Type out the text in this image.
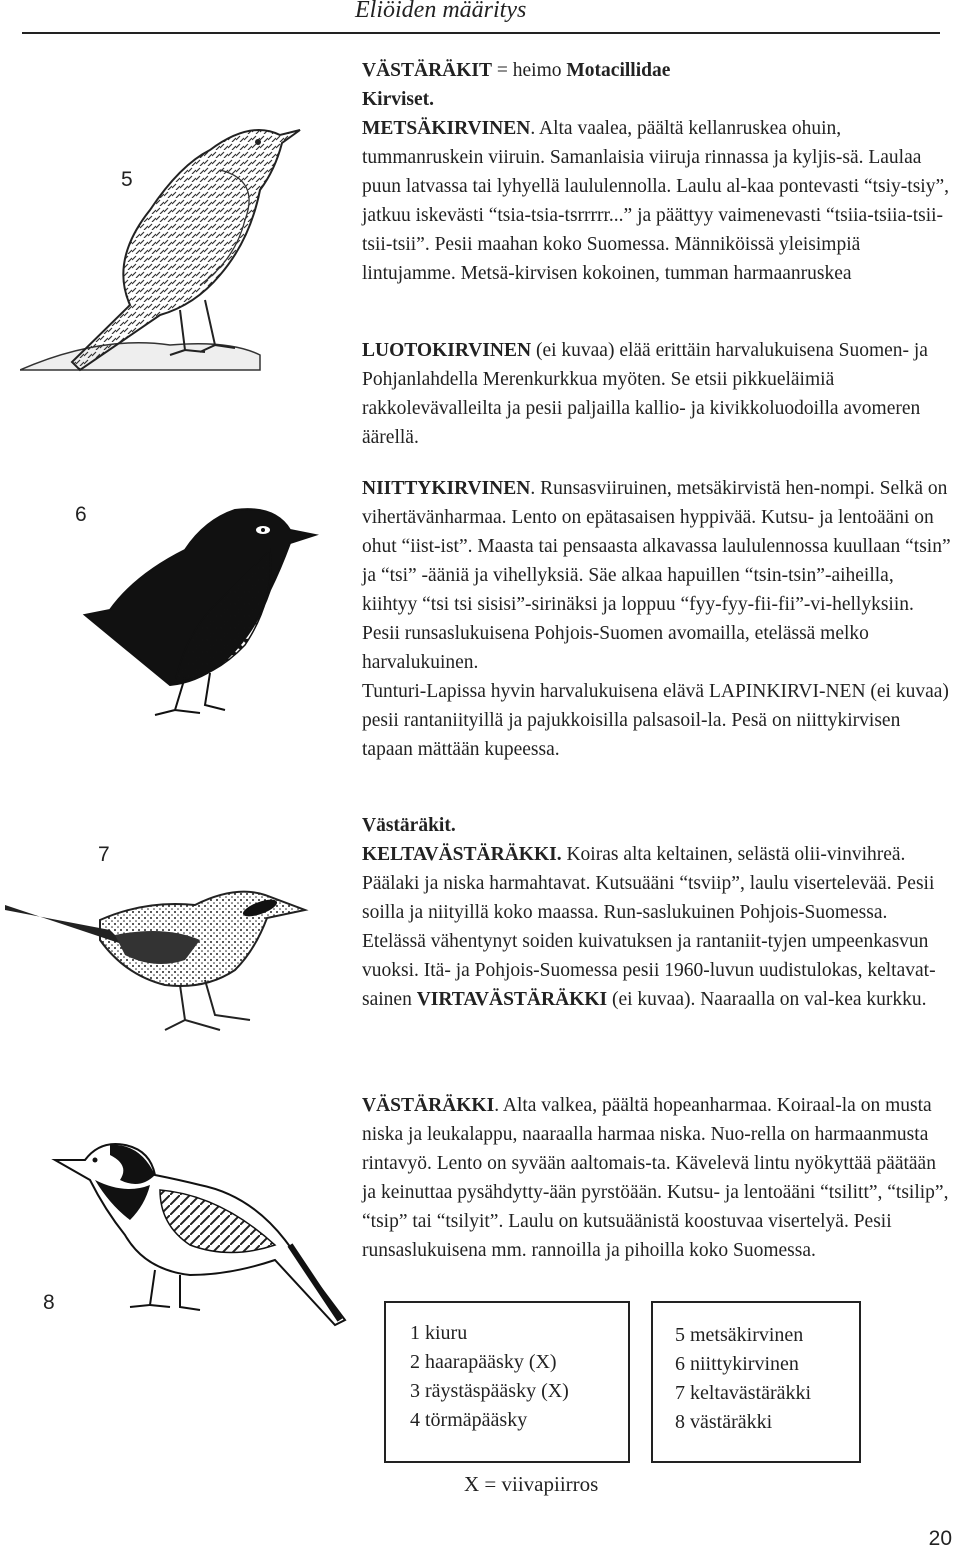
Eliöiden määritys
5
6
7
8

VÄSTÄRÄKIT = heimo Motacillidae

Kirviset.

METSÄKIRVINEN. Alta vaalea, päältä kellanruskea ohuin, tummanruskein viiruin. Samanlaisia viiruja rinnassa ja kyljis-sä. Laulaa puun latvassa tai lyhyellä laululennolla. Laulu al-kaa pontevasti “tsiy-tsiy”, jatkuu iskevästi “tsia-tsia-tsrrrrr...” ja päättyy vaimenevasti “tsiia-tsiia-tsii-tsii-tsii”. Pesii maahan koko Suomessa. Männiköissä yleisimpiä lintujamme. Metsä-kirvisen kokoinen, tumman harmaanruskea

LUOTOKIRVINEN (ei kuvaa) elää erittäin harvalukuisena Suomen- ja Pohjanlahdella Merenkurkkua myöten. Se etsii pikkueläimiä rakkolevävalleilta ja pesii paljailla kallio- ja kivikkoluodoilla avomeren äärellä.

NIITTYKIRVINEN. Runsasviiruinen, metsäkirvistä hen-nompi. Selkä on vihertävänharmaa. Lento on epätasaisen hyppivää. Kutsu- ja lentoääni on ohut “iist-ist”. Maasta tai pensaasta alkavassa laululennossa kuullaan “tsin” ja “tsi” -ääniä ja vihellyksiä. Säe alkaa hapuillen “tsin-tsin”-aiheilla, kiihtyy “tsi tsi sisisi”-sirinäksi ja loppuu “fyy-fyy-fii-fii”-vi-hellyksiin. Pesii runsaslukuisena Pohjois-Suomen avomailla, etelässä melko harvalukuinen.

Tunturi-Lapissa hyvin harvalukuisena elävä LAPINKIRVI-NEN (ei kuvaa) pesii rantaniityillä ja pajukkoisilla palsasoil-la. Pesä on niittykirvisen tapaan mättään kupeessa.

Västäräkit.

KELTAVÄSTÄRÄKKI. Koiras alta keltainen, selästä olii-vinvihreä. Päälaki ja niska harmahtavat. Kutsuääni “tsviip”, laulu visertelevää. Pesii soilla ja niityillä koko maassa. Run-saslukuinen Pohjois-Suomessa. Etelässä vähentynyt soiden kuivatuksen ja rantaniit-tyjen umpeenkasvun vuoksi. Itä- ja Pohjois-Suomessa pesii 1960-luvun uudistulokas, keltavat-sainen VIRTAVÄSTÄRÄKKI (ei kuvaa). Naaraalla on val-kea kurkku.

VÄSTÄRÄKKI. Alta valkea, päältä hopeanharmaa. Koiraal-la on musta niska ja leukalappu, naaraalla harmaa niska. Nuo-rella on harmaanmusta rintavyö. Lento on syvään aaltomais-ta. Kävelevä lintu nyökyttää päätään ja keinuttaa pysähdytty-ään pyrstöään. Kutsu- ja lentoääni “tsilitt”, “tsilip”, “tsip” tai “tsilyit”. Laulu on kutsuäänistä koostuvaa visertelyä. Pesii runsaslukuisena mm. rannoilla ja pihoilla koko Suomessa.

1 kiuru
2 haarapääsky (X)
3 räystäspääsky (X)
4 törmäpääsky
5 metsäkirvinen
6 niittykirvinen
7 keltavästäräkki
8 västäräkki
X = viivapiirros
20
